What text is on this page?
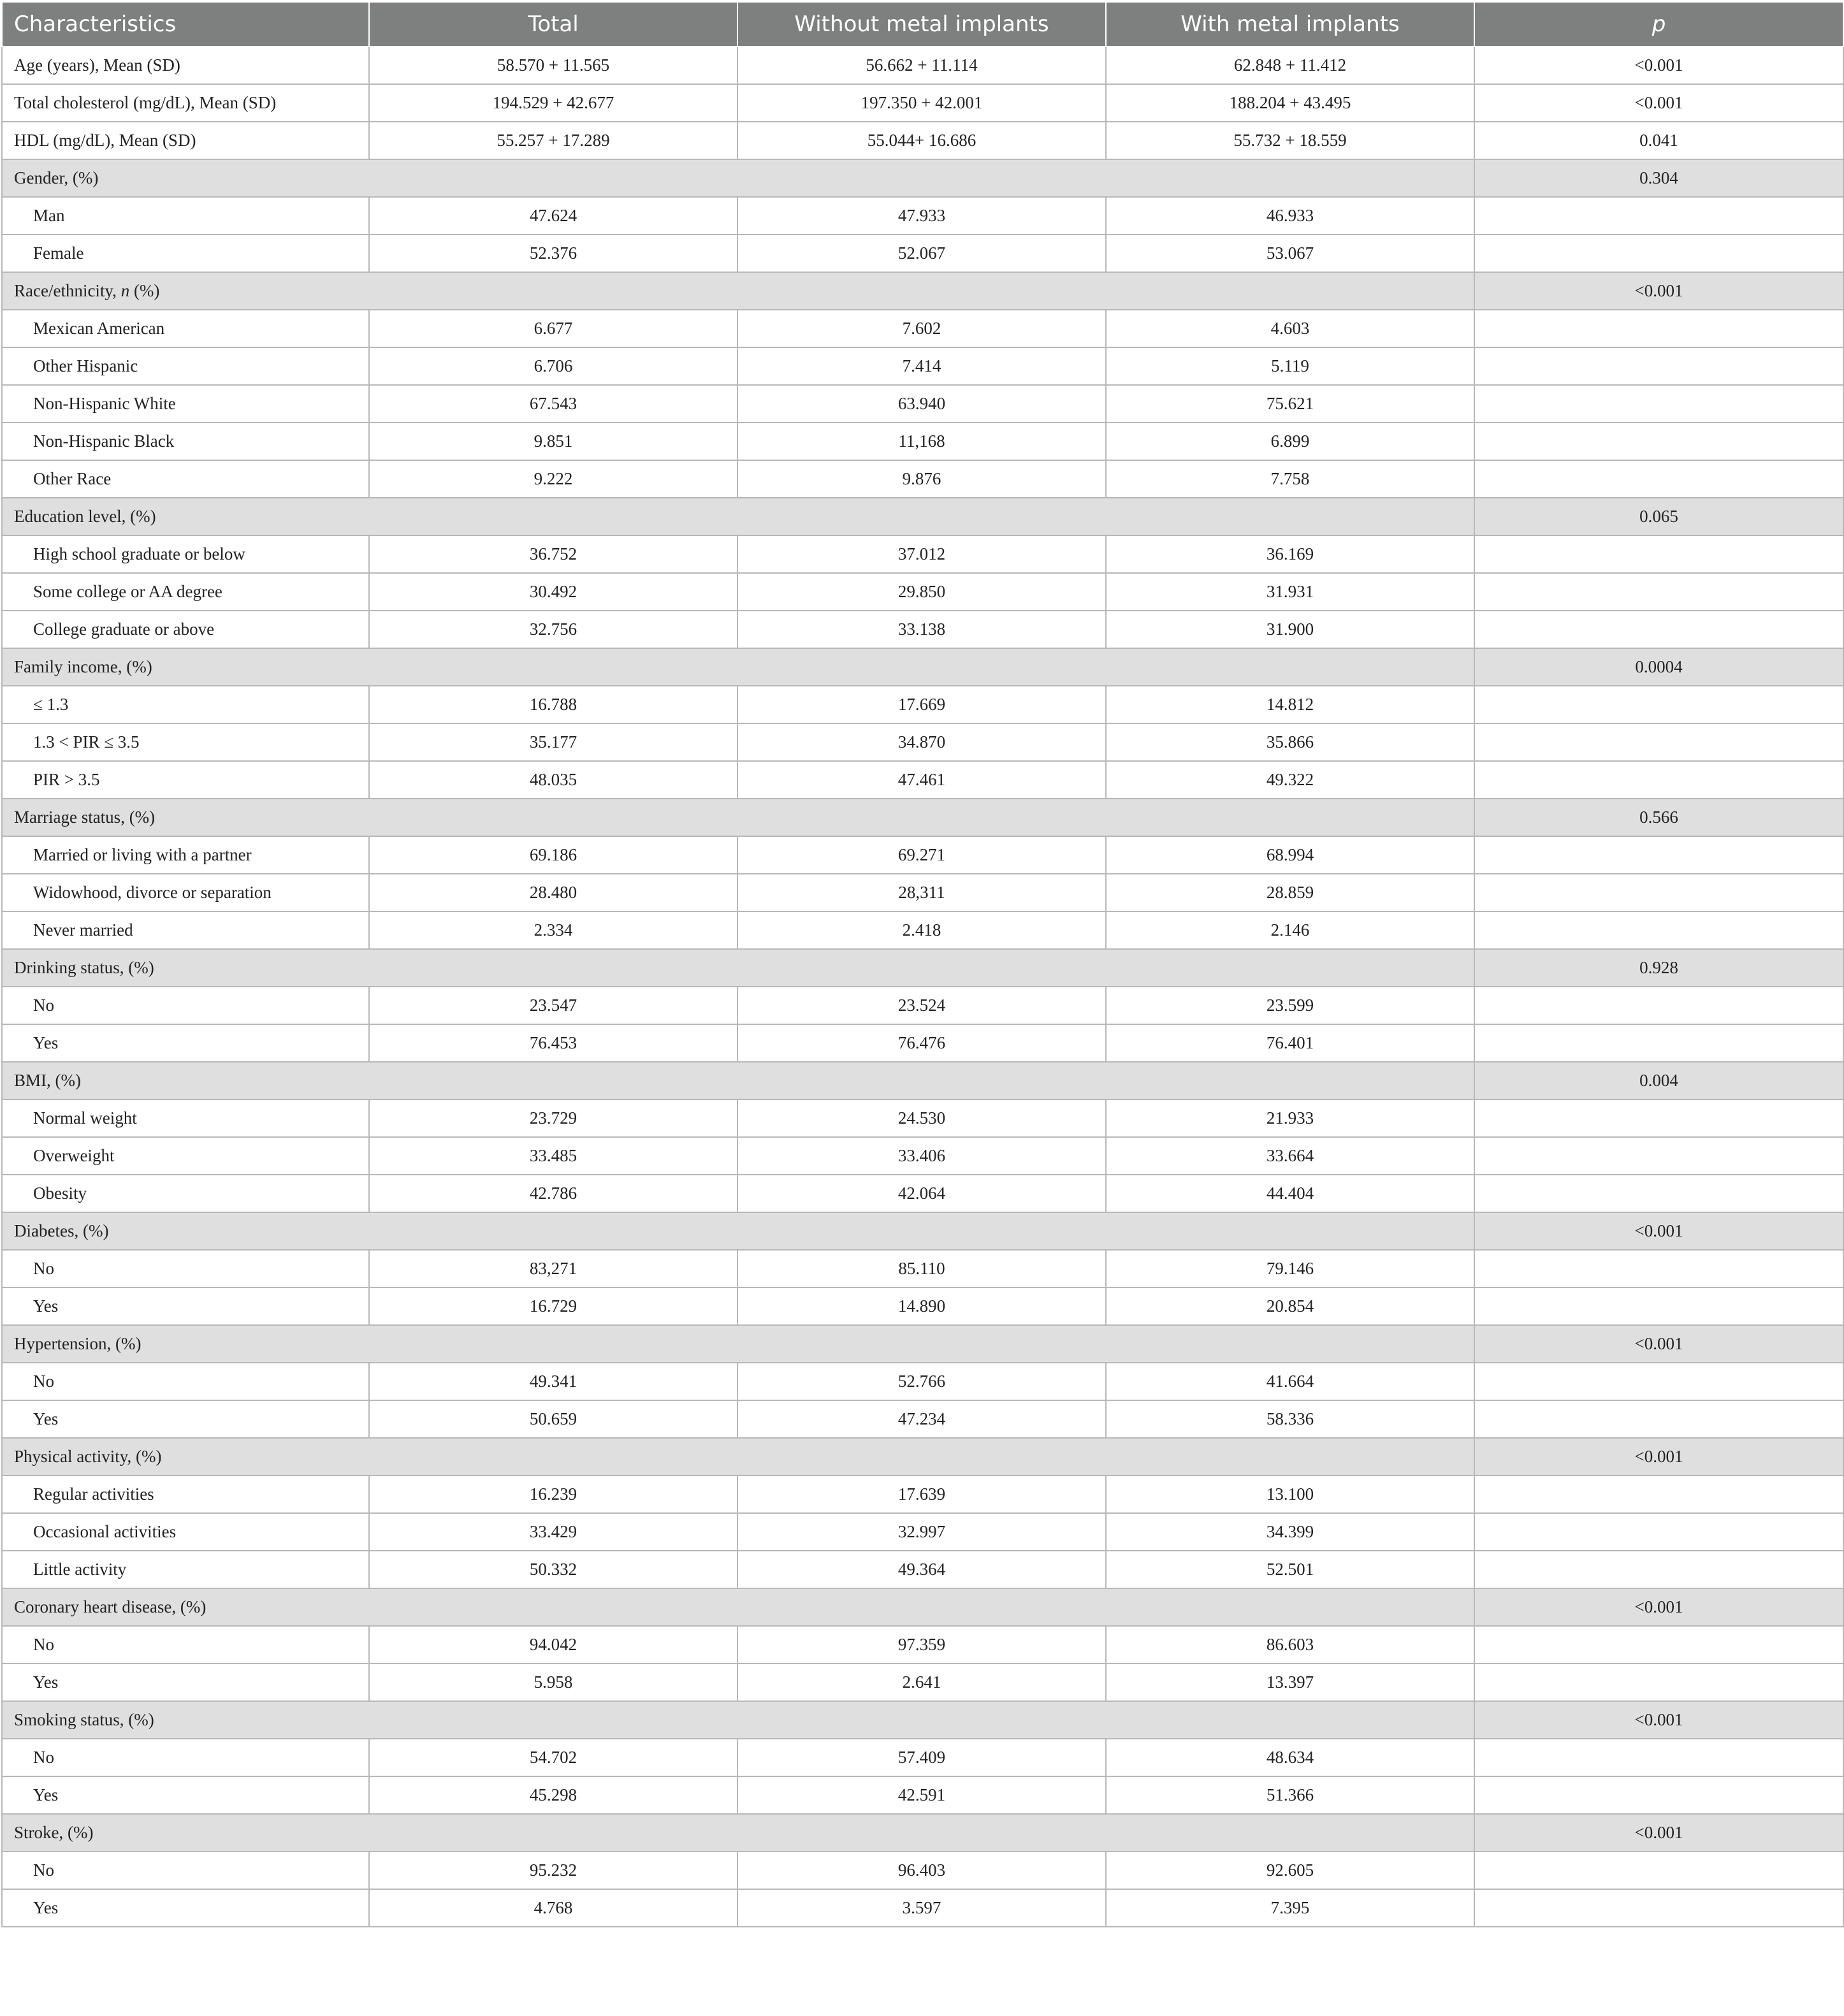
Characteristics	Total	Without metal implants	With metal implants	p
Age (years), Mean (SD)	58.570 + 11.565	56.662 + 11.114	62.848 + 11.412	<0.001
Total cholesterol (mg/dL), Mean (SD)	194.529 + 42.677	197.350 + 42.001	188.204 + 43.495	<0.001
HDL (mg/dL), Mean (SD)	55.257 + 17.289	55.044+ 16.686	55.732 + 18.559	0.041
Gender, (%)				0.304
Man	47.624	47.933	46.933	
Female	52.376	52.067	53.067	
Race/ethnicity, n (%)				<0.001
Mexican American	6.677	7.602	4.603	
Other Hispanic	6.706	7.414	5.119	
Non-Hispanic White	67.543	63.940	75.621	
Non-Hispanic Black	9.851	11,168	6.899	
Other Race	9.222	9.876	7.758	
Education level, (%)				0.065
High school graduate or below	36.752	37.012	36.169	
Some college or AA degree	30.492	29.850	31.931	
College graduate or above	32.756	33.138	31.900	
Family income, (%)				0.0004
≤ 1.3	16.788	17.669	14.812	
1.3 < PIR ≤ 3.5	35.177	34.870	35.866	
PIR > 3.5	48.035	47.461	49.322	
Marriage status, (%)				0.566
Married or living with a partner	69.186	69.271	68.994	
Widowhood, divorce or separation	28.480	28,311	28.859	
Never married	2.334	2.418	2.146	
Drinking status, (%)				0.928
No	23.547	23.524	23.599	
Yes	76.453	76.476	76.401	
BMI, (%)				0.004
Normal weight	23.729	24.530	21.933	
Overweight	33.485	33.406	33.664	
Obesity	42.786	42.064	44.404	
Diabetes, (%)				<0.001
No	83,271	85.110	79.146	
Yes	16.729	14.890	20.854	
Hypertension, (%)				<0.001
No	49.341	52.766	41.664	
Yes	50.659	47.234	58.336	
Physical activity, (%)				<0.001
Regular activities	16.239	17.639	13.100	
Occasional activities	33.429	32.997	34.399	
Little activity	50.332	49.364	52.501	
Coronary heart disease, (%)				<0.001
No	94.042	97.359	86.603	
Yes	5.958	2.641	13.397	
Smoking status, (%)				<0.001
No	54.702	57.409	48.634	
Yes	45.298	42.591	51.366	
Stroke, (%)				<0.001
No	95.232	96.403	92.605	
Yes	4.768	3.597	7.395	
